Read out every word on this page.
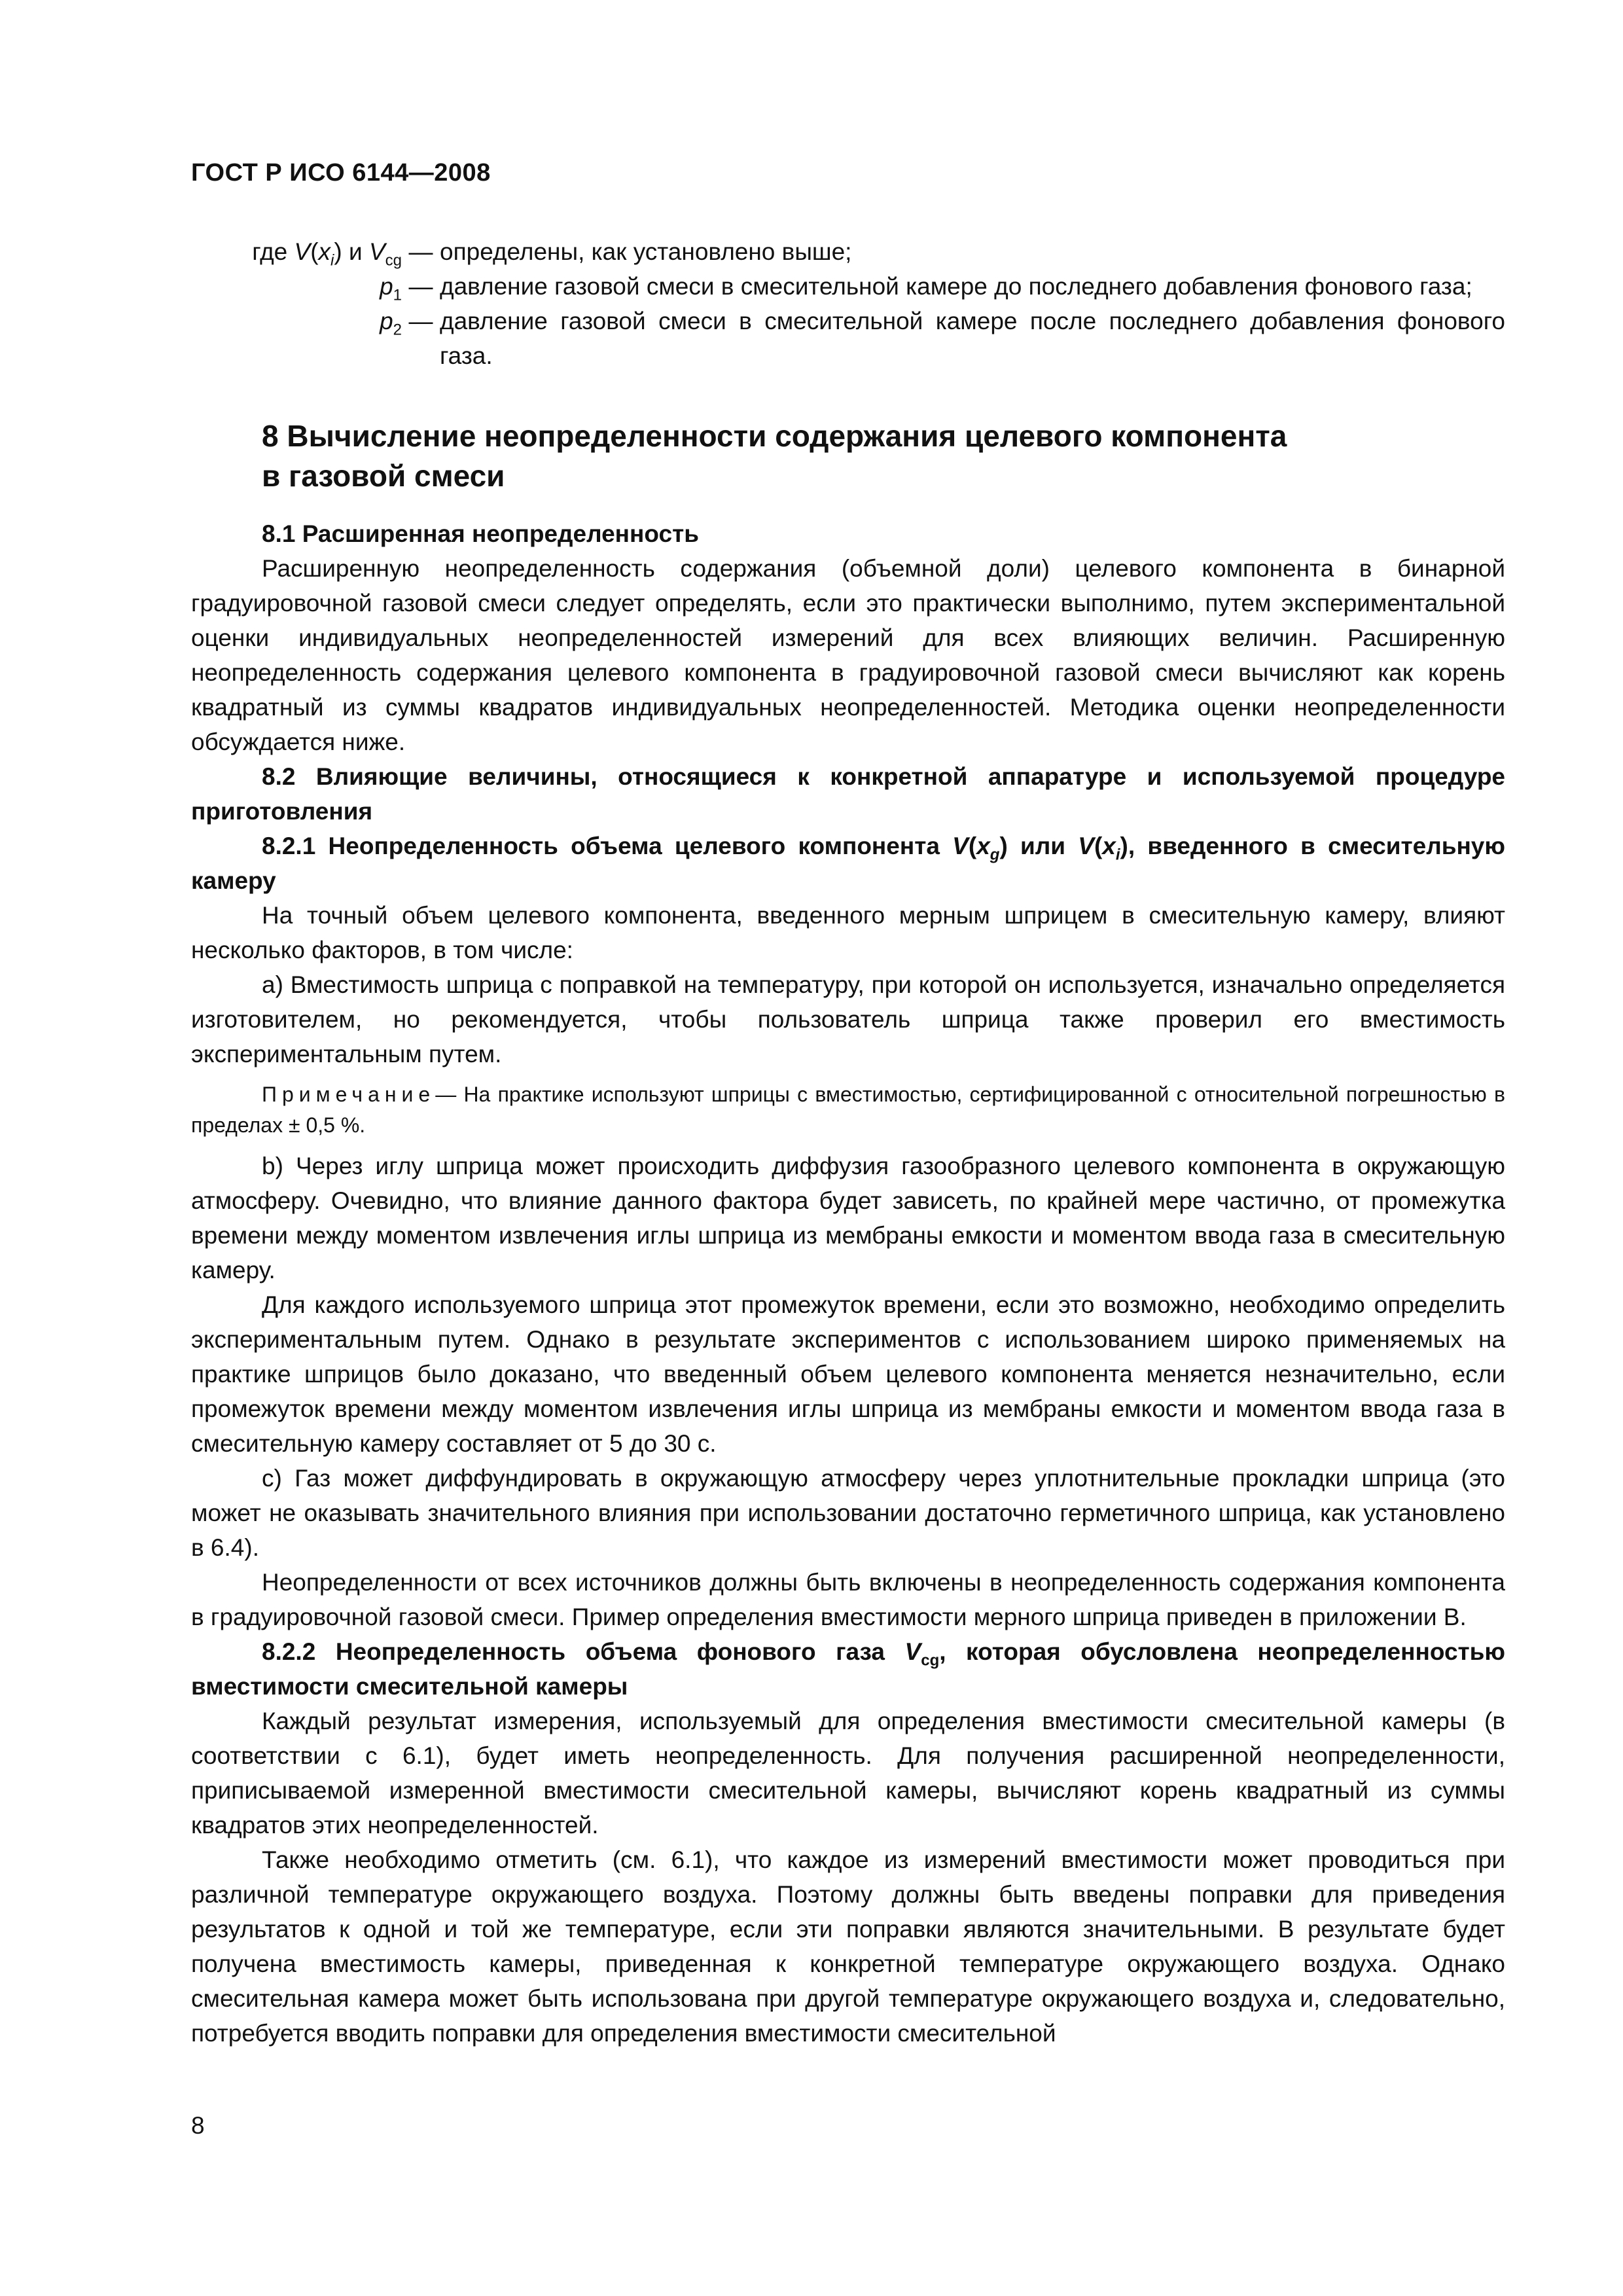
ГОСТ Р ИСО 6144—2008
где $V(x_i)$ и $V_{cg}$ — определены, как установлено выше;
$p_1$ — давление газовой смеси в смесительной камере до последнего добавления фонового газа;
$p_2$ — давление газовой смеси в смесительной камере после последнего добавления фонового газа.
8 Вычисление неопределенности содержания целевого компонента
в газовой смеси
8.1 Расширенная неопределенность
Расширенную неопределенность содержания (объемной доли) целевого компонента в бинарной градуировочной газовой смеси следует определять, если это практически выполнимо, путем экспериментальной оценки индивидуальных неопределенностей измерений для всех влияющих величин. Расширенную неопределенность содержания целевого компонента в градуировочной газовой смеси вычисляют как корень квадратный из суммы квадратов индивидуальных неопределенностей. Методика оценки неопределенности обсуждается ниже.
8.2 Влияющие величины, относящиеся к конкретной аппаратуре и используемой процедуре приготовления
8.2.1 Неопределенность объема целевого компонента $V(x_g)$ или $V(x_i)$, введенного в смесительную камеру
На точный объем целевого компонента, введенного мерным шприцем в смесительную камеру, влияют несколько факторов, в том числе:
a) Вместимость шприца с поправкой на температуру, при которой он используется, изначально определяется изготовителем, но рекомендуется, чтобы пользователь шприца также проверил его вместимость экспериментальным путем.
Примечание— На практике используют шприцы с вместимостью, сертифицированной с относительной погрешностью в пределах ± 0,5 %.
b) Через иглу шприца может происходить диффузия газообразного целевого компонента в окружающую атмосферу. Очевидно, что влияние данного фактора будет зависеть, по крайней мере частично, от промежутка времени между моментом извлечения иглы шприца из мембраны емкости и моментом ввода газа в смесительную камеру.
Для каждого используемого шприца этот промежуток времени, если это возможно, необходимо определить экспериментальным путем. Однако в результате экспериментов с использованием широко применяемых на практике шприцов было доказано, что введенный объем целевого компонента меняется незначительно, если промежуток времени между моментом извлечения иглы шприца из мембраны емкости и моментом ввода газа в смесительную камеру составляет от 5 до 30 с.
c) Газ может диффундировать в окружающую атмосферу через уплотнительные прокладки шприца (это может не оказывать значительного влияния при использовании достаточно герметичного шприца, как установлено в 6.4).
Неопределенности от всех источников должны быть включены в неопределенность содержания компонента в градуировочной газовой смеси. Пример определения вместимости мерного шприца приведен в приложении В.
8.2.2 Неопределенность объема фонового газа $V_{cg}$, которая обусловлена неопределенностью вместимости смесительной камеры
Каждый результат измерения, используемый для определения вместимости смесительной камеры (в соответствии с 6.1), будет иметь неопределенность. Для получения расширенной неопределенности, приписываемой измеренной вместимости смесительной камеры, вычисляют корень квадратный из суммы квадратов этих неопределенностей.
Также необходимо отметить (см. 6.1), что каждое из измерений вместимости может проводиться при различной температуре окружающего воздуха. Поэтому должны быть введены поправки для приведения результатов к одной и той же температуре, если эти поправки являются значительными. В результате будет получена вместимость камеры, приведенная к конкретной температуре окружающего воздуха. Однако смесительная камера может быть использована при другой температуре окружающего воздуха и, следовательно, потребуется вводить поправки для определения вместимости смесительной
8
